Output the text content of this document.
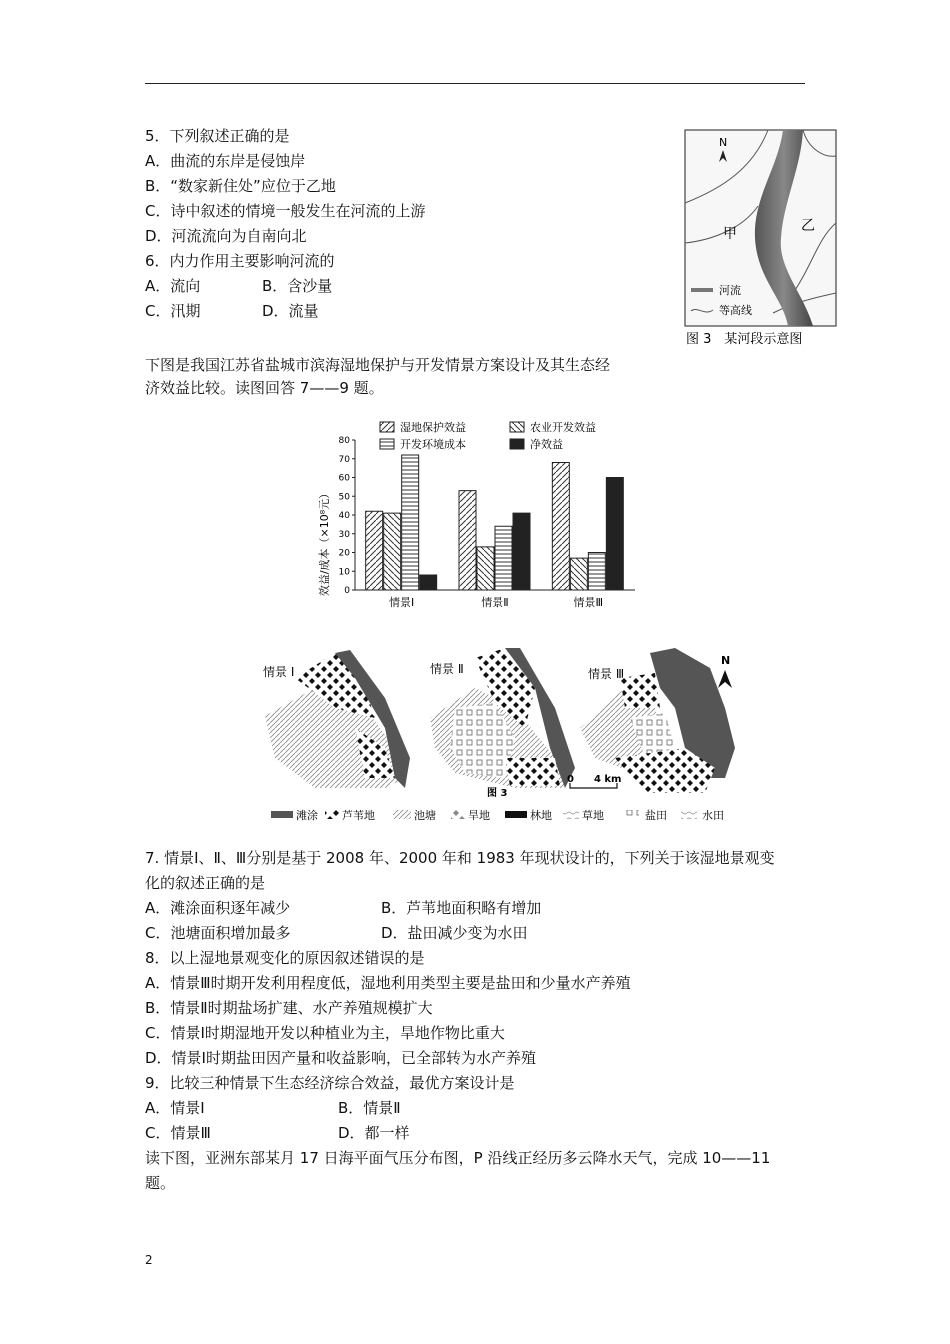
5．下列叙述正确的是
A．曲流的东岸是侵蚀岸
B．“数家新住处”应位于乙地
C．诗中叙述的情境一般发生在河流的上游
D．河流流向为自南向北
6．内力作用主要影响河流的
A．流向	B．含沙量
C．汛期	D．流量
N
甲	乙
河流
等高线
图 3　某河段示意图
下图是我国江苏省盐城市滨海湿地保护与开发情景方案设计及其生态经
济效益比较。读图回答 7——9 题。
湿地保护效益	农业开发效益
开发环境成本	净效益
0
10
20
30
40
50
60
70
80
情景Ⅰ	情景Ⅱ	情景Ⅲ
效益/成本（×10⁸元）
情景 Ⅰ	情景 Ⅱ	情景 Ⅲ
N
0　　4 km
图 3
滩涂 芦苇地	池塘	旱地	林地	草地	盐田	水田
7. 情景Ⅰ、Ⅱ、Ⅲ分别是基于 2008 年、2000 年和 1983 年现状设计的，下列关于该湿地景观变
化的叙述正确的是
A．滩涂面积逐年减少	B．芦苇地面积略有增加
C．池塘面积增加最多	D．盐田减少变为水田
8．以上湿地景观变化的原因叙述错误的是
A．情景Ⅲ时期开发利用程度低，湿地利用类型主要是盐田和少量水产养殖
B．情景Ⅱ时期盐场扩建、水产养殖规模扩大
C．情景Ⅰ时期湿地开发以种植业为主，旱地作物比重大
D．情景Ⅰ时期盐田因产量和收益影响，已全部转为水产养殖
9．比较三种情景下生态经济综合效益，最优方案设计是
A．情景Ⅰ	B．情景Ⅱ
C．情景Ⅲ	D．都一样
读下图，亚洲东部某月 17 日海平面气压分布图，P 沿线正经历多云降水天气，完成 10——11
题。
2
